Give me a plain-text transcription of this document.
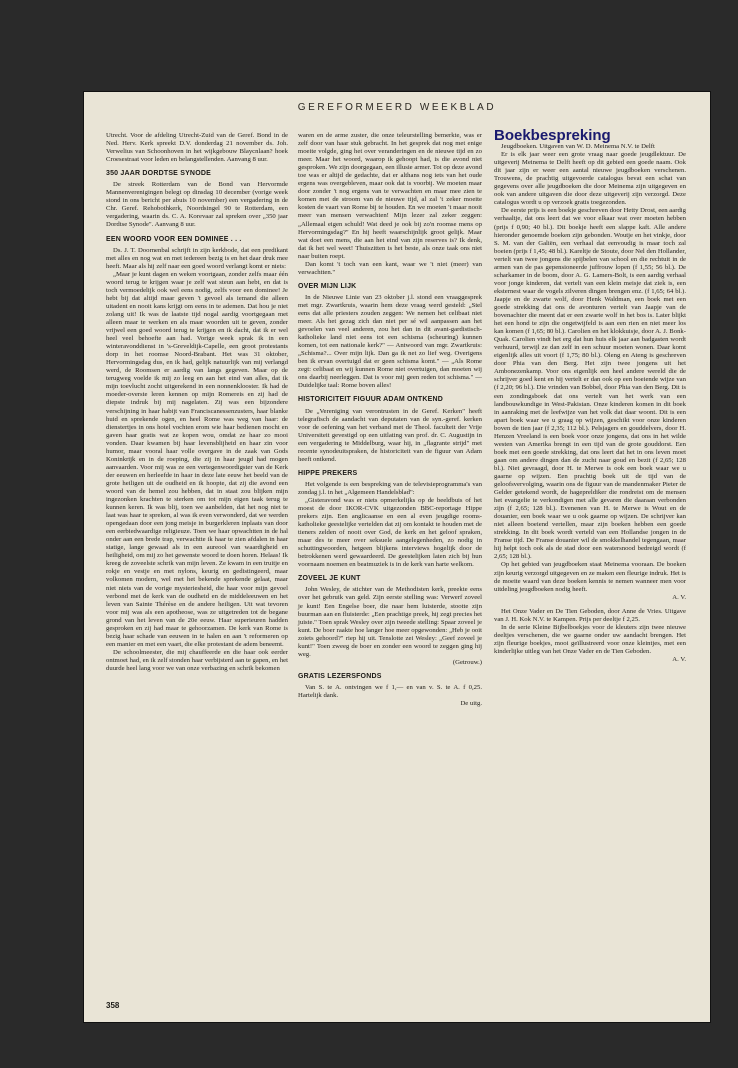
GEREFORMEERD WEEKBLAD

Utrecht. Voor de afdeling Utrecht-Zuid van de Geref. Bond in de Ned. Herv. Kerk spreekt D.V. donderdag 21 november ds. Joh. Verwelius van Schoonhoven in het wijkgebouw Blaycnlaan? hoek Croesestraat voor leden en belangstellenden. Aanvang 8 uur.

350 JAAR DORDTSE SYNODE

De streek Rotterdam van de Bond van Hervormde Mannenverenigingen belegt op dinsdag 10 december (vorige week stond in ons bericht per abuis 10 november) een vergadering in de Chr. Geref. Rehobothkerk, Noordsingel 90 te Rotterdam, een vergadering, waarin ds. C. A. Korevaar zal spreken over „350 jaar Dordtse Synode". Aanvang 8 uur.

EEN WOORD VOOR EEN DOMINEE . . .

Ds. J. T. Doornenbal schrijft in zijn kerkbode, dat een predikant met alles en nog wat en met iedereen bezig is en het daar druk mee heeft. Maar als hij zelf naar een goed woord verlangt komt er niets:

„Maar je kunt dagen en weken voortgaan, zonder zelfs maar één woord terug te krijgen waar je zelf wat steun aan hebt, en dat is toch vermoedelijk ook wel eens nodig, zelfs voor een dominee! Je hebt bij dat altijd maar geven 't gevoel als iemand die alleen uitadent en nooit kans krijgt om eens in te ademen. Dat hou je niet zolang uit! Ik was de laatste tijd nogal aardig voortgegaan met alleen maar te werken en als maar woorden uit te geven, zonder vrijwel een goed woord terug te krijgen en ik dacht, dat ik er wel heel veel behoefte aan had. Vorige week sprak ik in een winteravonddienst in 's-Greveldijk-Capelle, een groot protestants dorp in het roomse Noord-Brabant. Het was 31 oktober, Hervormingsdag dus, en ik had, gelijk natuurlijk van mij verlangd werd, de Roomsen er aardig van langs gegeven. Maar op de terugweg voelde ik mij zo leeg en aan het eind van alles, dat ik mijn toevlucht zocht uitgerekend in een nonnenklooster. Ik had de moeder-overste leren kennen op mijn Romereis en zij had de diepste indruk bij mij nagelaten. Zij was een bijzondere verschijning in haar habijt van Franciscanessenzusters, haar blanke huid en sprekende ogen, en heel Rome was weg van haar: de dienstertjes in ons hotel vochten erom wie haar bedienen mocht en gaven haar gratis wat ze kopen wou, omdat ze haar zo mooi vonden. Daar kwamen bij haar levensblijheid en haar zin voor humor, maar vooral haar volle overgave in de zaak van Gods Koninkrijk en in de roeping, die zij in haar jeugd had mogen aanvaarden. Voor mij was ze een vertegenwoordigster van de Kerk der eeuwen en herleefde in haar in deze late eeuw het beeld van de grote heiligen uit de oudheid en ik hoopte, dat zij die avond een woord van de hemel zou hebben, dat in staat zou blijken mijn ingezonken krachten te sterken om tot mijn eigen taak terug te kunnen keren. Ik was blij, toen we aanbelden, dat het nog niet te laat was haar te spreken, al was ik even verwonderd, dat we werden opengedaan door een jong meisje in burgerkleren inplaats van door een eerbiedwaardige religieuze. Toen we haar opwachtten in de hal onder aan een brede trap, verwachtte ik haar te zien afdalen in haar statige, lange gewaad als in een aureool van waardigheid en heiligheid, om mij zo het gewenste woord te doen horen. Helaas! Ik kreeg de zoveelste schrik van mijn leven. Ze kwam in een truitje en rokje en vestje en met nylons, keurig en gedistingeerd, maar volkomen modern, wel met het bekende sprekende gelaat, maar niet niets van de vorige mysteriesheid, die haar voor mijn gevoel verbond met de kerk van de oudheid en de middeleeuwen en het leven van Sainte Thérèse en de andere heiligen. Uit wat tevoren voor mij was als een apotheose, was ze uitgetreden tot de begane grond van het leven van de 20e eeuw. Haar superieuren hadden gesproken en zij had maar te gehoorzamen. De kerk van Rome is bezig haar schade van eeuwen in te halen en aan 't reformeren op een manier en met een vaart, die elke protestant de adem beneemt.

De schoolmeester, die mij chauffeerde en die haar ook eerder ontmoet had, en ik zelf stonden haar verbijsterd aan te gapen, en het duurde heel lang voor we van onze verbazing en schrik bekomen

waren en de arme zuster, die onze teleurstelling bemerkte, was er zelf door van haar stuk gebracht. In het gesprek dat nog met enige moeite volgde, ging het over veranderingen en de nieuwe tijd en zo meer. Maar het woord, waarop ik gehoopt had, is die avond niet gesproken. We zijn doorgegaan, een illusie armer. Tot op deze avond toe was er altijd de gedachte, dat er althans nog iets van het oude ergens was overgebleven, maar ook dat is voorbij. We moeten maar door zonder 't nog ergens van te verwachten en maar mee zien te komen met de stroom van de nieuwe tijd, al zal 't zeker moeite kosten de vaart van Rome bij te houden. En we moeten 't maar nooit meer van mensen verwachten! Mijn lezer zal zeker zeggen: „Allemaal eigen schuld! Wat deed je ook bij zo'n roomse mens op Hervormingsdag?" En hij heeft waarschijnlijk groot gelijk. Maar wat doet een mens, die aan het eind van zijn reserves is? Ik denk, dat ik het wel weet! Thuiszitten is het beste, als onze taak ons niet naar buiten roept.

Dan komt 't toch van een kant, waar we 't niet (meer) van verwachtten."

OVER MIJN LIJK

In de Nieuwe Linie van 23 oktober j.l. stond een vraaggesprek met mgr. Zwartkruis, waarin hem deze vraag werd gesteld: „Stel eens dat alle priesters zouden zeggen: We nemen het celibaat niet meer. Als het gezag zich dan niet per sé wil aanpassen aan het gevoelen van veel anderen, zou het dan in dit avant-gardistisch-katholieke land niet eens tot een schisma (scheuring) kunnen komen, tot een nationale kerk?" — Antwoord van mgr. Zwartkruis: „Schisma?... Over mijn lijk. Dan ga ik net zo lief weg. Overigens ben ik ervan overtuigd dat er geen schisma komt." — „Als Rome zegt: celibaat en wij kunnen Rome niet overtuigen, dan moeten wij ons daarbij neerleggen. Dat is voor mij geen reden tot schisma." — Duidelijke taal: Rome boven alles!

HISTORICITEIT FIGUUR ADAM ONTKEND

De „Vereniging van verontrusten in de Geref. Kerken" heeft telegrafisch de aandacht van deputaten van de syn.-geref. kerken voor de oefening van het verband met de Theol. faculteit der Vrije Universiteit gevestigd op een uitlating van prof. dr. C. Augustijn in een vergadering te Middelburg, waar hij, in „flagrante strijd" met recente synodeuitspraken, de historiciteit van de figuur van Adam heeft ontkend.

HIPPE PREKERS

Het volgende is een bespreking van de televisieprogramma's van zondag j.l. in het „Algemeen Handelsblad":

„Gisteravond was er niets opmerkelijks op de beeldbuis of het moest de door IKOR-CVK uitgezonden BBC-reportage Hippe prekers zijn. Een anglicaanse en een al even jeugdige rooms-katholieke geestelijke vertelden dat zij om kontakt te houden met de tieners zelden of nooit over God, de kerk en het geloof spraken, maar des te meer over seksuele aangelegenheden, zo nodig in schuttingwoorden, hetgeen blijkens interviews hogelijk door de betrokkenen werd gewaardeerd. De geestelijken laten zich bij hun voornaam noemen en beatmuziek is in de kerk van harte welkom.

ZOVEEL JE KUNT

John Wesley, de stichter van de Methodisten kerk, preekte eens over het gebruik van geld. Zijn eerste stelling was: Verwerf zoveel je kunt! Een Engelse boer, die naar hem luisterde, stootte zijn buurman aan en fluisterde: „Een prachtige preek, hij zegt precies het juiste." Toen sprak Wesley over zijn tweede stelling: Spaar zoveel je kunt. De boer raakte hoe langer hoe meer opgewonden: „Heb je ooit zoiets gehoord?" riep hij uit. Tenslotte zei Wesley: „Geef zoveel je kunt!" Toen zweeg de boer en zonder een woord te zeggen ging hij weg.

(Getrouw.)
GRATIS LEZERSFONDS

Van S. te A. ontvingen we f 1,— en van v. S. te A. f 0,25. Hartelijk dank.

De uitg.
Boekbespreking

Jeugdboeken. Uitgaven van W. D. Meinema N.V. te Delft

Er is elk jaar weer een grote vraag naar goede jeugdlektuur. De uitgeverij Meinema te Delft heeft op dit gebied een goede naam. Ook dit jaar zijn er weer een aantal nieuwe jeugdboeken verschenen. Trouwens, de prachtig uitgevoerde catalogus bevat een schat van gegevens over alle jeugdboeken die door Meinema zijn uitgegeven en ook van andere uitgaven die door deze uitgeverij zijn verzorgd. Deze catalogus wordt u op verzoek gratis toegezonden.

De eerste prijs is een boekje geschreven door Hetty Drost, een aardig verhaaltje, dat ons leert dat we voor elkaar wat over moeten hebben (prijs f 0,90; 40 bl.). Dit boekje heeft een slappe kaft. Alle andere hieronder genoemde boeken zijn gebonden. Woutje en het vinkje, door S. M. van der Galiën, een verhaal dat eenvoudig is maar toch zal boeien (prijs f 1,45; 48 bl.). Kareltje de Stoute, door Nel den Hollander, vertelt van twee jongens die spijbelen van school en die rechtuit in de armen van de pas gepensioneerde juffrouw lopen (f 1,55; 56 bl.). De scharkamer in de boom, door A. G. Lamers-Bolt, is een aardig verhaal voor jonge kinderen, dat vertelt van een klein meisje dat ziek is, een eksternest waar de vogels zilveren dingen brengen enz. (f 1,65; 64 bl.). Jaapje en de zwarte wolf, door Henk Waldman, een boek met een goede strekking dat ons de avonturen vertelt van Jaapje van de bovenachter die meent dat er een zwarte wolf in het bos is. Later blijkt het een hond te zijn die ongetwijfeld is aan een rien en niet meer los kan komen (f 1,65; 80 bl.). Carolien en het klokkuisje, door A. J. Bonk-Quak. Carolien vindt het erg dat hun huis elk jaar aan badgasten wordt verhuurd, terwijl ze dan zelf in een schuur moeten wonen. Daar komt eigenlijk alles uit voort (f 1,75; 80 bl.). Oleng en Ateng is geschreven door Phia van den Berg. Het zijn twee jongens uit het Ambonezenkamp. Voor ons eigenlijk een heel andere wereld die de schrijver goed kent en hij vertelt er dan ook op een boeiende wijze van (f 2,20; 96 bl.). Die vrinden van Bobbel, door Phia van den Berg. Dit is een zondingsboek dat ons vertelt van het werk van een landbouwkundige in West-Pakistan. Onze kinderen komen in dit boek in aanraking met de leefwijze van het volk dat daar woont. Dit is een apart boek waar we u graag op wijzen, geschikt voor onze kinderen boven de tien jaar (f 2,35; 112 bl.). Pelsjagers en gouddelvers, door H. Henzen Vreeland is een boek voor onze jongens, dat ons in het wilde westen van Amerika brengt in een tijd van de grote gouddorst. Een boek met een goede strekking, dat ons leert dat het in ons leven moet gaan om andere dingen dan de zucht naar goud en bezit (f 2,65; 128 bl.). Niet gevraagd, door H. te Merwe is ook een boek waar we u gaarne op wijzen. Een prachtig boek uit de tijd van de geloofsvervolging, waarin ons de figuur van de mandenmaker Pieter de Gelder getekend wordt, de hagepreldiker die rondreist om de mensen het evangelie te verkondigen met alle gevaren die daaraan verbonden zijn (f 2,65; 128 bl.). Evenenen van H. te Merwe is Wout en de douanier, een boek waar we u ook gaarne op wijzen. De schrijver kan niet alleen boeiend vertellen, maar zijn boeken hebben een goede strekking. In dit boek wordt verteld van een Hollandse jongen in de Franse tijd. De Franse douanier wil de smokkelhandel tegengaan, maar hij helpt toch ook als de stad door een watersnood bedreigd wordt (f 2,65; 128 bl.).

Op het gebied van jeugdboeken staat Meinema vooraan. De boeken zijn keurig verzorgd uitgegeven en ze maken een fleurige indruk. Het is de moeite waard van deze boeken kennis te nemen wanneer men voor uitdeling jeugdboeken nodig heeft.

A. V.

Het Onze Vader en De Tien Geboden, door Anne de Vries. Uitgave van J. H. Kok N.V. te Kampen. Prijs per deeltje f 2,25.

In de serie Kleine Bijbelboekjes voor de kleuters zijn twee nieuwe deeltjes verschenen, die we gaarne onder uw aandacht brengen. Het zijn fleurige boekjes, mooi geïllustreerd voor onze kleintjes, met een kinderlijke uitleg van het Onze Vader en de Tien Geboden.

A. V.
358
